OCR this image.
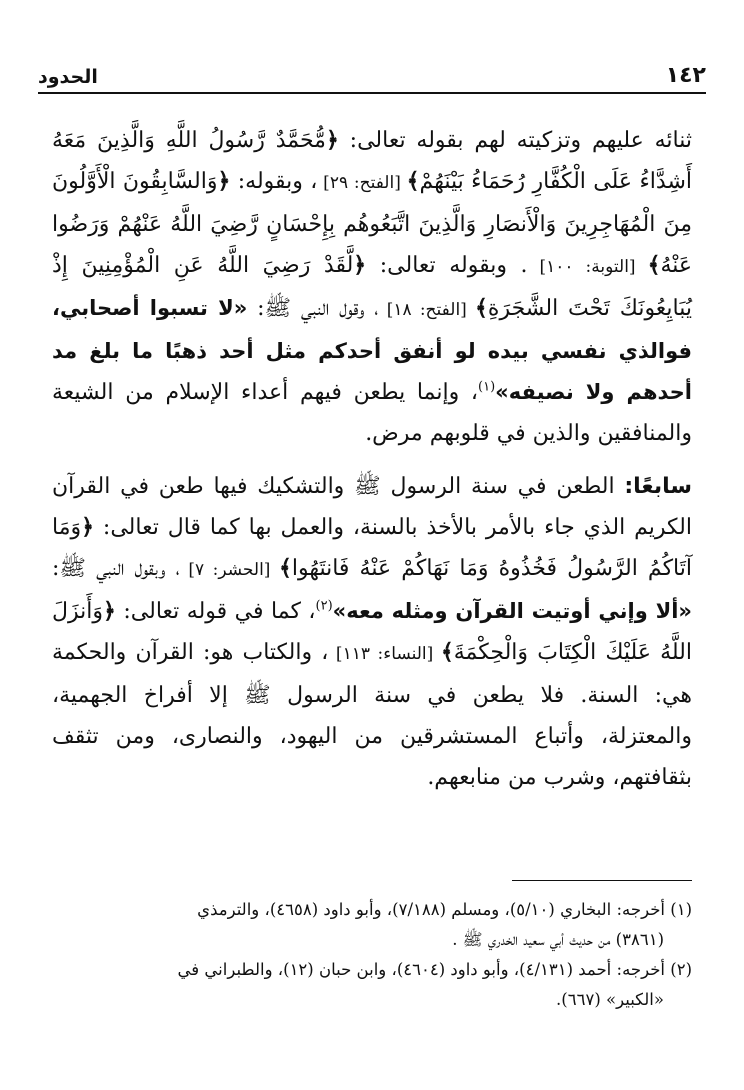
١٤٢
الحدود

ثنائه عليهم وتزكيته لهم بقوله تعالى: ﴿مُّحَمَّدٌ رَّسُولُ اللَّهِ وَالَّذِينَ مَعَهُ أَشِدَّاءُ عَلَى الْكُفَّارِ رُحَمَاءُ بَيْنَهُمْ﴾ [الفتح: ٢٩] ، وبقوله: ﴿وَالسَّابِقُونَ الْأَوَّلُونَ مِنَ الْمُهَاجِرِينَ وَالْأَنصَارِ وَالَّذِينَ اتَّبَعُوهُم بِإِحْسَانٍ رَّضِيَ اللَّهُ عَنْهُمْ وَرَضُوا عَنْهُ﴾ [التوبة: ١٠٠] . وبقوله تعالى: ﴿لَّقَدْ رَضِيَ اللَّهُ عَنِ الْمُؤْمِنِينَ إِذْ يُبَايِعُونَكَ تَحْتَ الشَّجَرَةِ﴾ [الفتح: ١٨] ، وقول النبي ﷺ: «لا تسبوا أصحابي، فوالذي نفسي بيده لو أنفق أحدكم مثل أحد ذهبًا ما بلغ مد أحدهم ولا نصيفه»$^{(١)}$، وإنما يطعن فيهم أعداء الإسلام من الشيعة والمنافقين والذين في قلوبهم مرض.

سابعًا: الطعن في سنة الرسول ﷺ والتشكيك فيها طعن في القرآن الكريم الذي جاء بالأمر بالأخذ بالسنة، والعمل بها كما قال تعالى: ﴿وَمَا آتَاكُمُ الرَّسُولُ فَخُذُوهُ وَمَا نَهَاكُمْ عَنْهُ فَانتَهُوا﴾ [الحشر: ٧] ، وبقول النبي ﷺ: «ألا وإني أوتيت القرآن ومثله معه»$^{(٢)}$، كما في قوله تعالى: ﴿وَأَنزَلَ اللَّهُ عَلَيْكَ الْكِتَابَ وَالْحِكْمَةَ﴾ [النساء: ١١٣] ، والكتاب هو: القرآن والحكمة هي: السنة. فلا يطعن في سنة الرسول ﷺ إلا أفراخ الجهمية، والمعتزلة، وأتباع المستشرقين من اليهود، والنصارى، ومن تثقف بثقافتهم، وشرب من منابعهم.

(١) أخرجه: البخاري (٥/١٠)، ومسلم (٧/١٨٨)، وأبو داود (٤٦٥٨)، والترمذي

(٣٨٦١) من حديث أبي سعيد الخدري ﷺ .

(٢) أخرجه: أحمد (٤/١٣١)، وأبو داود (٤٦٠٤)، وابن حبان (١٢)، والطبراني في

«الكبير» (٦٦٧).
